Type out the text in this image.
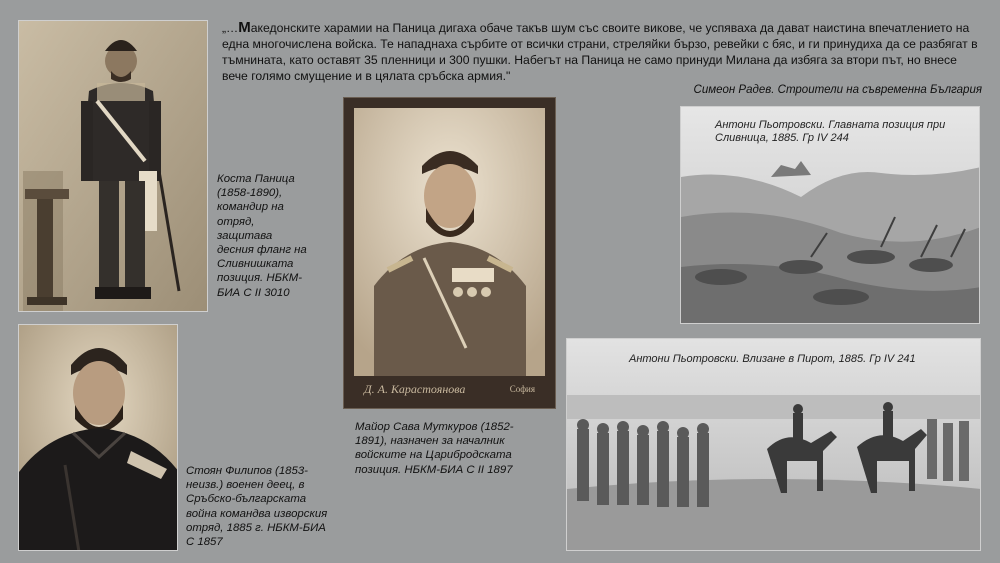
„…Македонските харамии на Паница дигаха обаче такъв шум със своите викове, че успяваха да дават наистина впечатлението на една многочислена войска. Те нападнаха сърбите от всички страни, стреляйки бързо, ревейки с бяс, и ги принудиха да се разбягат в тъмнината, като оставят 35 пленници и 300 пушки. Набегът на Паница не само принуди Милана да избяга за втори път, но внесе вече голямо смущение и в цялата сръбска армия."
Симеон Радев. Строители на съвременна България
Коста Паница (1858-1890), командир на отряд, защитава десния фланг на Сливнишката позиция. НБКМ-БИА С II 3010
Стоян Филипов (1853- неизв.) военен деец, в Сръбско-българската война командва изворския отряд, 1885 г. НБКМ-БИА С 1857
Д. А. Карастоянова	София
Майор Сава Муткуров (1852-1891), назначен за началник войските на Царибродската позиция. НБКМ-БИА С II 1897
Антони Пьотровски. Главната позиция при Сливница, 1885. Гр IV 244
Антони Пьотровски. Влизане в Пирот, 1885. Гр IV 241
